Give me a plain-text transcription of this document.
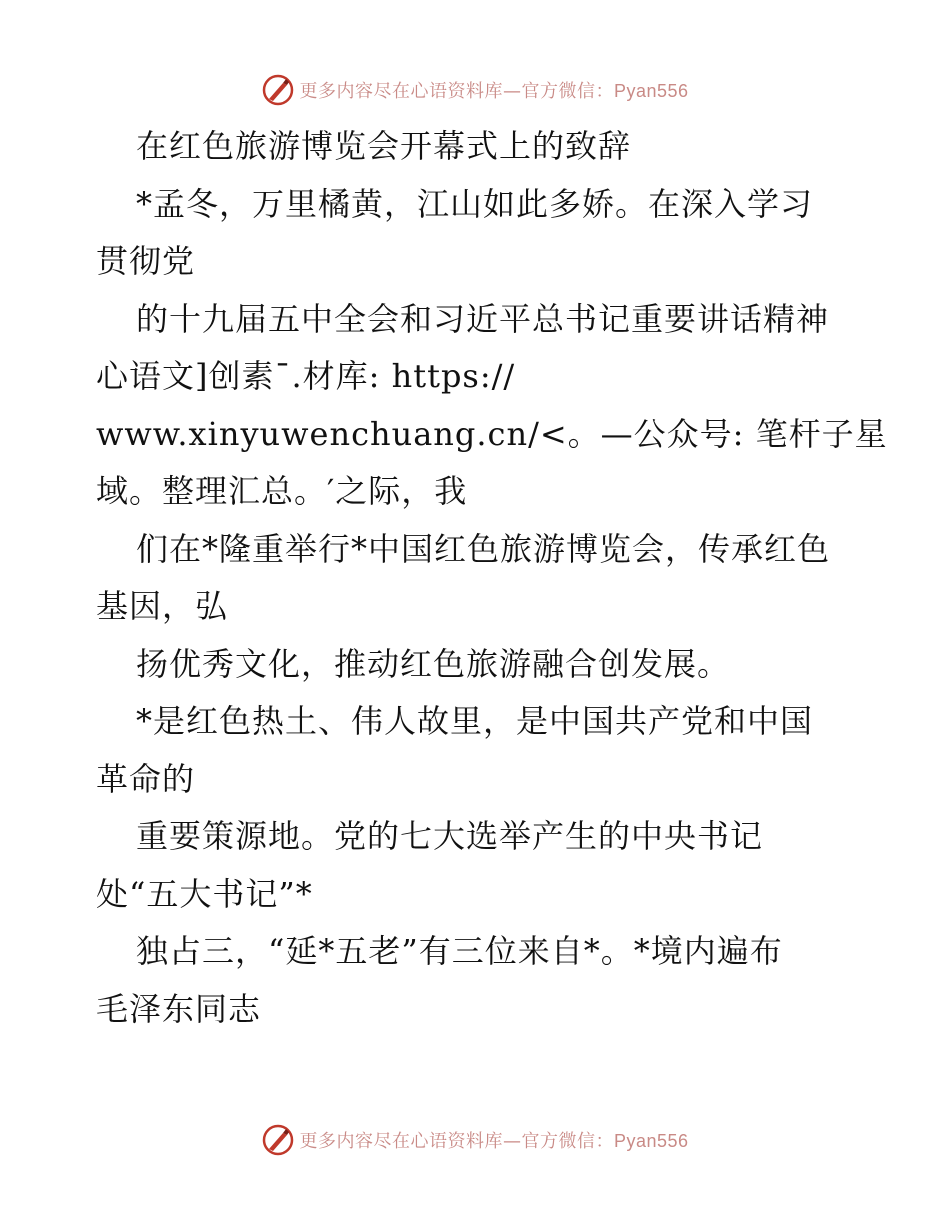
更多内容尽在心语资料库—官方微信：Pyan556
在红色旅游博览会开幕式上的致辞
*孟冬，万里橘黄，江山如此多娇。在深入学习
贯彻党
的十九届五中全会和习近平总书记重要讲话精神
心语文]创素¯.材库: https://
www.xinyuwenchuang.cn/<。—公众号: 笔杆子星
域。整理汇总。′之际，我
们在*隆重举行*中国红色旅游博览会，传承红色
基因，弘
扬优秀文化，推动红色旅游融合创发展。
*是红色热土、伟人故里，是中国共产党和中国
革命的
重要策源地。党的七大选举产生的中央书记
处“五大书记”*
独占三，“延*五老”有三位来自*。*境内遍布
毛泽东同志
更多内容尽在心语资料库—官方微信：Pyan556
